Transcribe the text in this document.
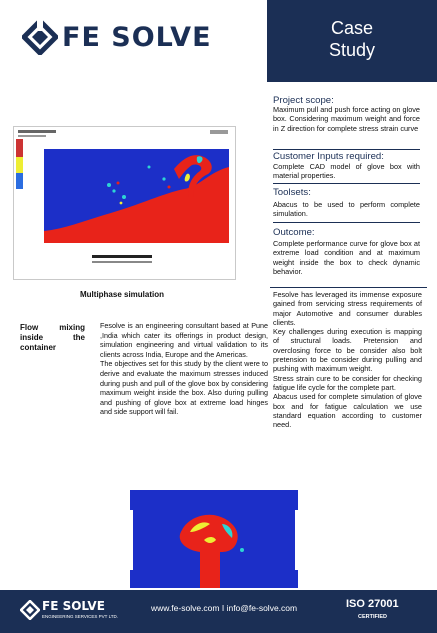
FE SOLVE	Case
Study
Multiphase simulation
Flow mixing inside the container

Fesolve is an engineering consultant based at Pune ,India which cater its offerings in product design, simulation engineering and virtual validation to its clients across India, Europe and the Americas.

The objectives set for this study by the client were to derive and evaluate the maximum stresses induced during push and pull of the glove box by considering maximum weight inside the box. Also during pulling and pushing of glove box at extreme load hinges and side support will fail.

Project scope:
Maximum pull and push force acting on glove box. Considering maximum weight and force in Z direction for complete stress strain curve
Customer Inputs required:
Complete CAD model of glove box with material properties.
Toolsets:
Abacus to be used to perform complete simulation.
Outcome:
Complete performance curve for glove box at extreme load condition and at maximum weight inside the box to check dynamic behavior.

Fesolve has leveraged its immense exposure gained from servicing stress requirements of major Automotive and consumer durables clients.

Key challenges during execution is mapping of structural loads. Pretension and overclosing force to be consider also bolt pretension to be consider during pulling and pushing with maximum weight.

Stress strain cure to be consider for checking fatigue life cycle for the complete part.

Abacus used for complete simulation of glove box and for fatigue calculation we use standard equation according to customer need.

FE SOLVE
ENGINEERING SERVICES PVT LTD.
www.fe-solve.com I info@fe-solve.com	ISO 27001
CERTIFIED
